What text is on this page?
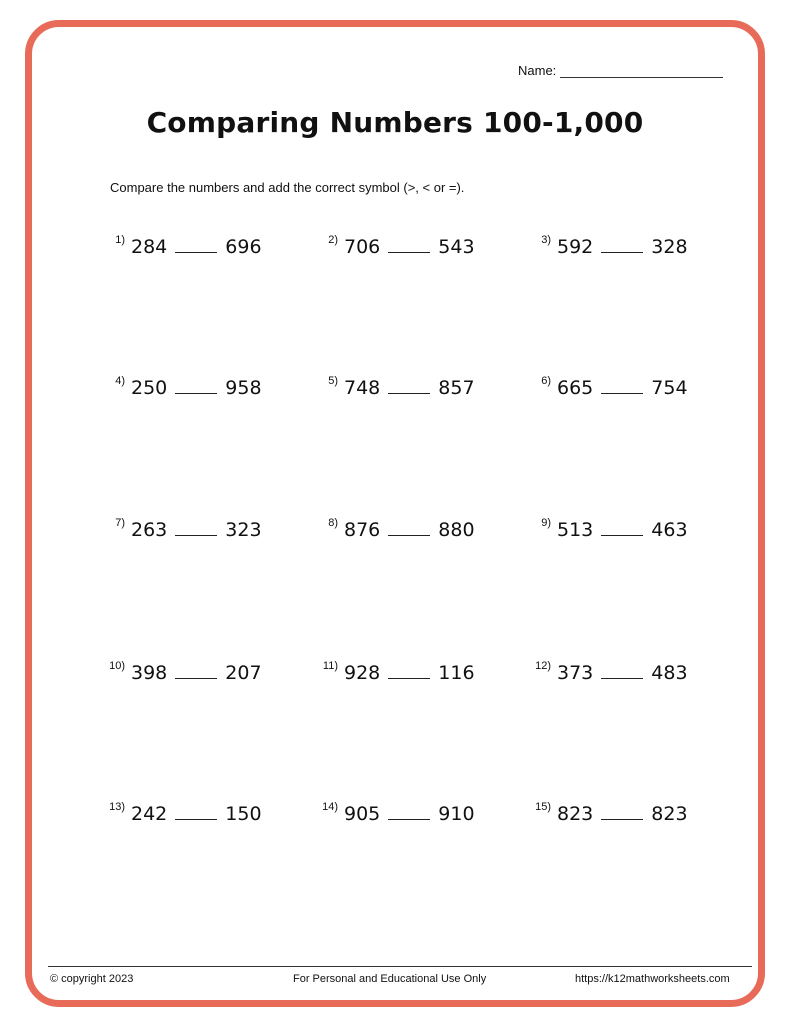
Name:
Comparing Numbers 100-1,000
Compare the numbers and add the correct symbol (>, < or =).
1) 284	696	2) 706	543	3) 592	328
4) 250	958	5) 748	857	6) 665	754
7) 263	323	8) 876	880	9) 513	463
10) 398	207	11) 928	116	12) 373	483
13) 242	150	14) 905	910	15) 823	823
© copyright 2023	For Personal and Educational Use Only	https://k12mathworksheets.com
